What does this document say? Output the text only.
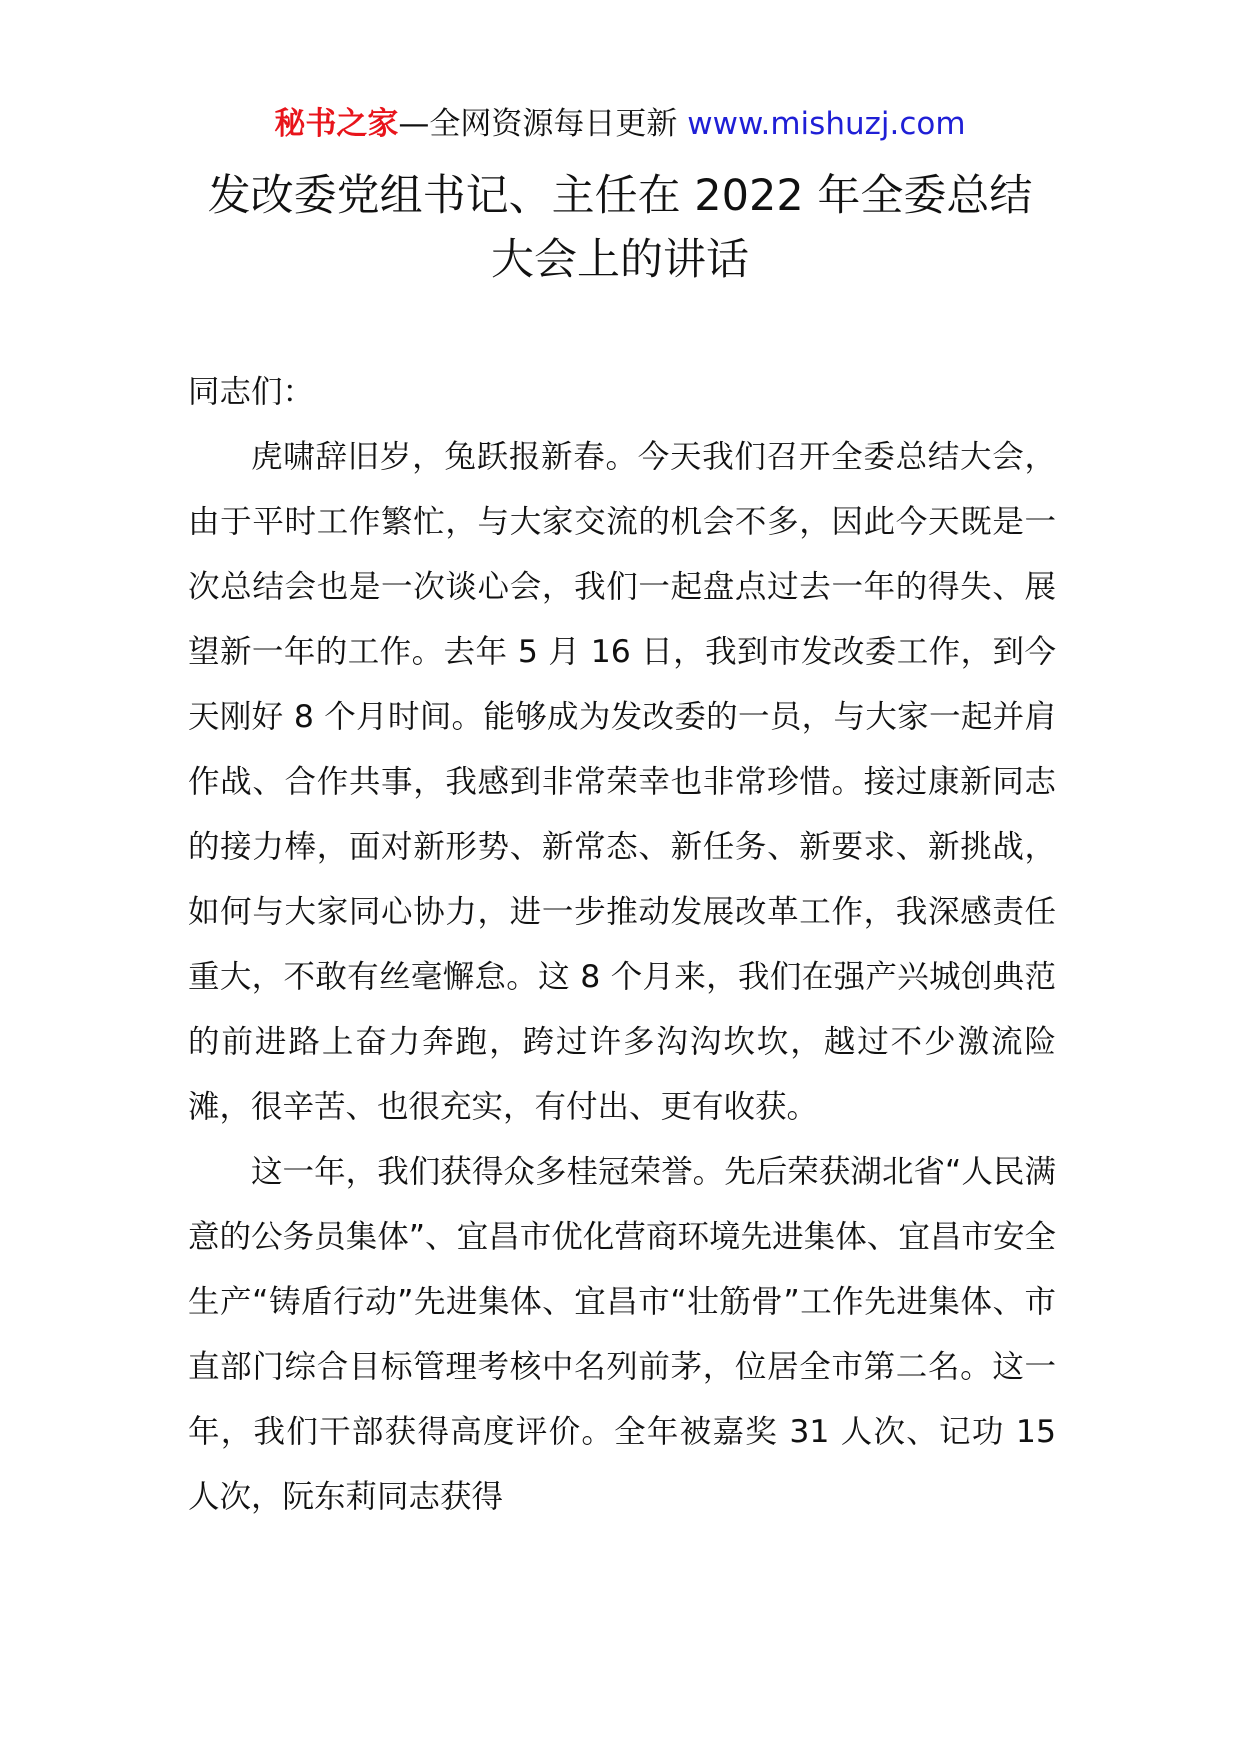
秘书之家—全网资源每日更新 www.mishuzj.com
发改委党组书记、主任在 2022 年全委总结
大会上的讲话

同志们：

虎啸辞旧岁，兔跃报新春。今天我们召开全委总结大会，由于平时工作繁忙，与大家交流的机会不多，因此今天既是一次总结会也是一次谈心会，我们一起盘点过去一年的得失、展望新一年的工作。去年 5 月 16 日，我到市发改委工作，到今天刚好 8 个月时间。能够成为发改委的一员，与大家一起并肩作战、合作共事，我感到非常荣幸也非常珍惜。接过康新同志的接力棒，面对新形势、新常态、新任务、新要求、新挑战，如何与大家同心协力，进一步推动发展改革工作，我深感责任重大，不敢有丝毫懈怠。这 8 个月来，我们在强产兴城创典范的前进路上奋力奔跑，跨过许多沟沟坎坎，越过不少激流险滩，很辛苦、也很充实，有付出、更有收获。

这一年，我们获得众多桂冠荣誉。先后荣获湖北省“人民满意的公务员集体”、宜昌市优化营商环境先进集体、宜昌市安全生产“铸盾行动”先进集体、宜昌市“壮筋骨”工作先进集体、市直部门综合目标管理考核中名列前茅，位居全市第二名。这一年，我们干部获得高度评价。全年被嘉奖 31 人次、记功 15 人次，阮东莉同志获得
